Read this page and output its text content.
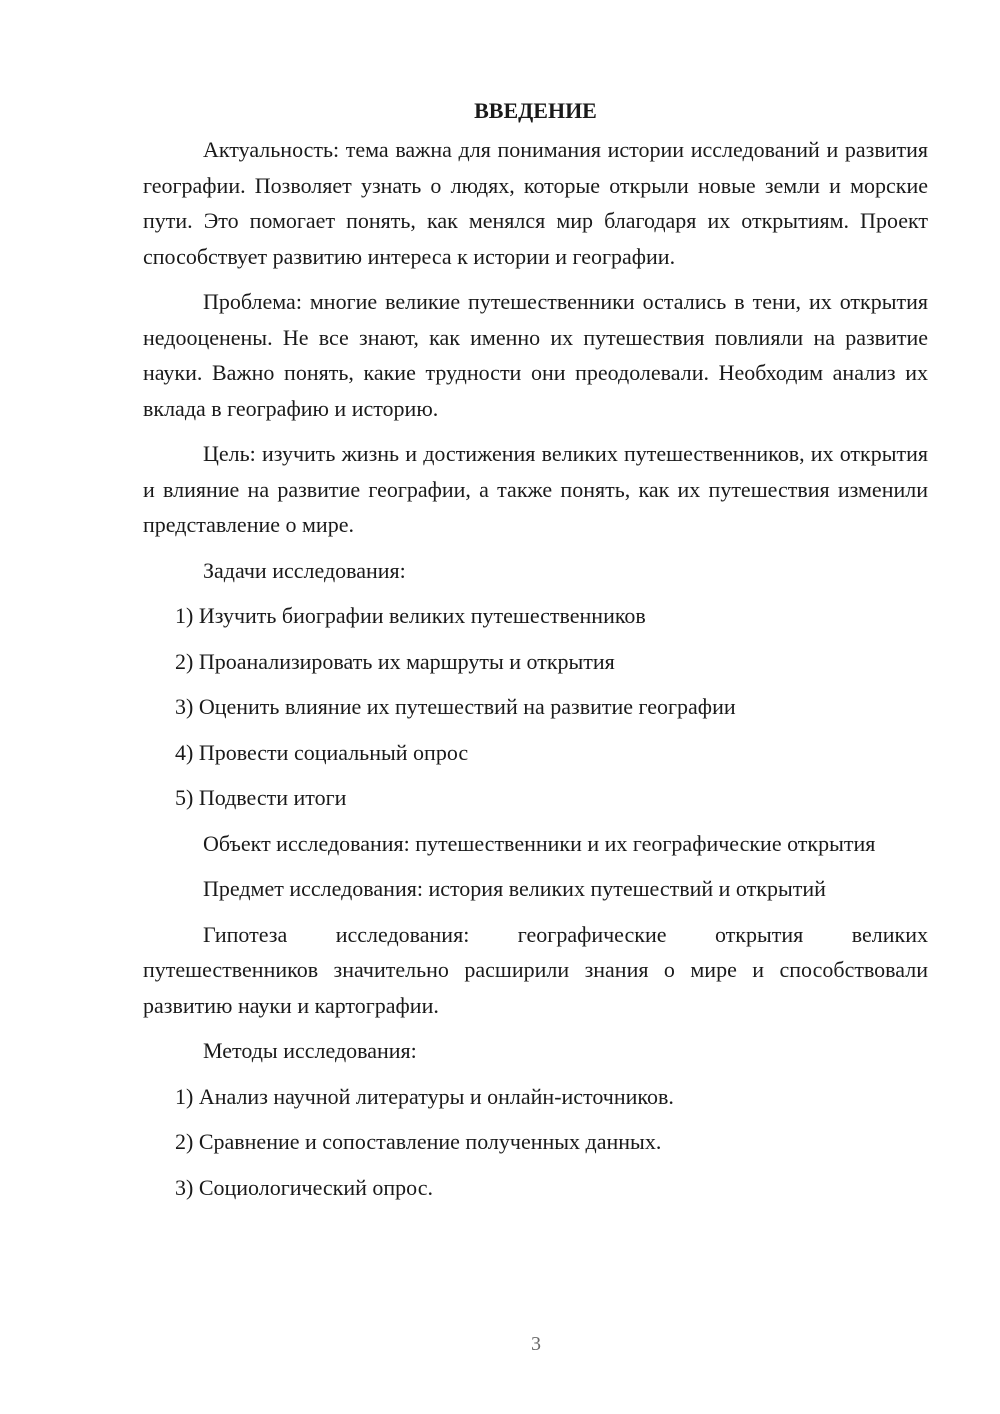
ВВЕДЕНИЕ

Актуальность: тема важна для понимания истории исследований и развития географии. Позволяет узнать о людях, которые открыли новые земли и морские пути. Это помогает понять, как менялся мир благодаря их открытиям. Проект способствует развитию интереса к истории и географии.

Проблема: многие великие путешественники остались в тени, их открытия недооценены. Не все знают, как именно их путешествия повлияли на развитие науки. Важно понять, какие трудности они преодолевали. Необходим анализ их вклада в географию и историю.

Цель: изучить жизнь и достижения великих путешественников, их открытия и влияние на развитие географии, а также понять, как их путешествия изменили представление о мире.

Задачи исследования:

1) Изучить биографии великих путешественников

2) Проанализировать их маршруты и открытия

3) Оценить влияние их путешествий на развитие географии

4) Провести социальный опрос

5) Подвести итоги

Объект исследования: путешественники и их географические открытия

Предмет исследования: история великих путешествий и открытий

Гипотеза исследования: географические открытия великих путешественников значительно расширили знания о мире и способствовали развитию науки и картографии.

Методы исследования:

1) Анализ научной литературы и онлайн-источников.

2) Сравнение и сопоставление полученных данных.

3) Социологический опрос.

3
